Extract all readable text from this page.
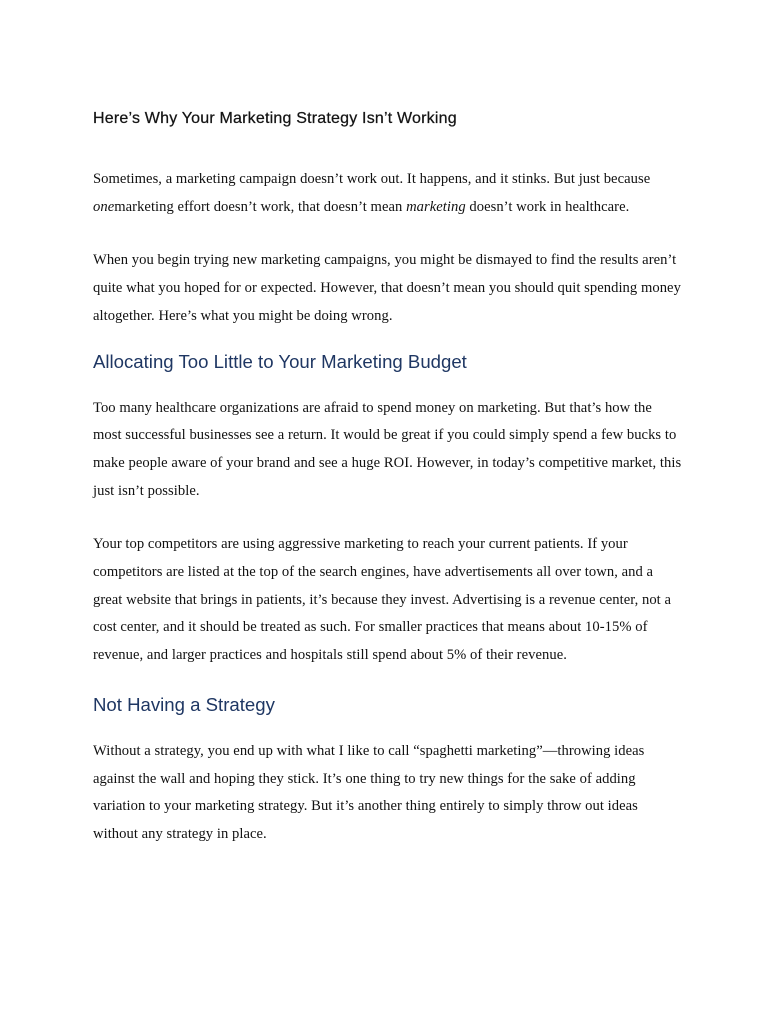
Here’s Why Your Marketing Strategy Isn’t Working

Sometimes, a marketing campaign doesn’t work out. It happens, and it stinks. But just because onemarketing effort doesn’t work, that doesn’t mean marketing doesn’t work in healthcare.

When you begin trying new marketing campaigns, you might be dismayed to find the results aren’t quite what you hoped for or expected. However, that doesn’t mean you should quit spending money altogether. Here’s what you might be doing wrong.

Allocating Too Little to Your Marketing Budget

Too many healthcare organizations are afraid to spend money on marketing. But that’s how the most successful businesses see a return. It would be great if you could simply spend a few bucks to make people aware of your brand and see a huge ROI. However, in today’s competitive market, this just isn’t possible.

Your top competitors are using aggressive marketing to reach your current patients. If your competitors are listed at the top of the search engines, have advertisements all over town, and a great website that brings in patients, it’s because they invest. Advertising is a revenue center, not a cost center, and it should be treated as such. For smaller practices that means about 10-15% of revenue, and larger practices and hospitals still spend about 5% of their revenue.

Not Having a Strategy

Without a strategy, you end up with what I like to call “spaghetti marketing”—throwing ideas against the wall and hoping they stick. It’s one thing to try new things for the sake of adding variation to your marketing strategy. But it’s another thing entirely to simply throw out ideas without any strategy in place.
